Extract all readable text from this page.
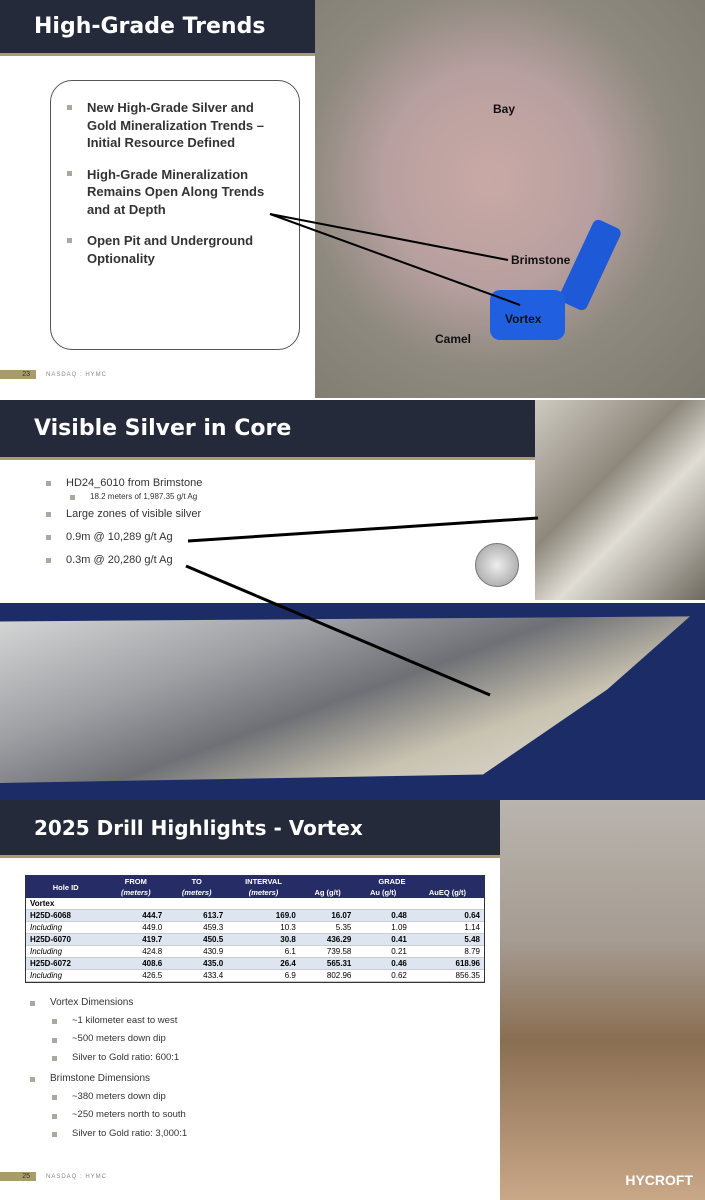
Bay
Brimstone
Vortex
Camel
High-Grade Trends
New High-Grade Silver and Gold Mineralization Trends – Initial Resource Defined
High-Grade Mineralization Remains Open Along Trends and at Depth
Open Pit and Underground Optionality
23	NASDAQ : HYMC
Visible Silver in Core
HD24_6010 from Brimstone
18.2 meters of 1,987.35 g/t Ag
Large zones of visible silver
0.9m @ 10,289 g/t Ag
0.3m @ 20,280 g/t Ag
HYCROFT
2025 Drill Highlights - Vortex
Hole ID	FROM	TO	INTERVAL	GRADE		
	(meters)	(meters)	(meters)	Ag (g/t)	Au (g/t)	AuEQ (g/t)
Vortex						
H25D-6068	444.7	613.7	169.0	16.07	0.48	0.64
Including	449.0	459.3	10.3	5.35	1.09	1.14
H25D-6070	419.7	450.5	30.8	436.29	0.41	5.48
Including	424.8	430.9	6.1	739.58	0.21	8.79
H25D-6072	408.6	435.0	26.4	565.31	0.46	618.96
Including	426.5	433.4	6.9	802.96	0.62	856.35
Vortex Dimensions
~1 kilometer east to west
~500 meters down dip
Silver to Gold ratio: 600:1
Brimstone Dimensions
~380 meters down dip
~250 meters north to south
Silver to Gold ratio: 3,000:1
25	NASDAQ : HYMC
